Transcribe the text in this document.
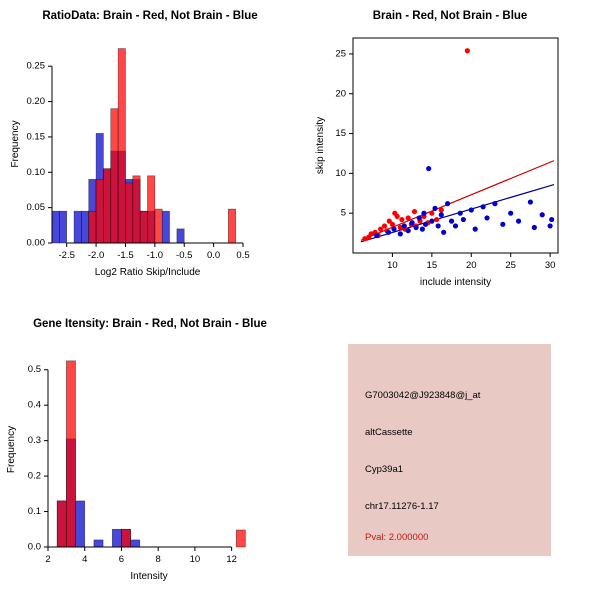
RatioData: Brain - Red, Not Brain - Blue
-2.5 -2.0 -1.5 -1.0 -0.5 0.0 0.5
0.00
0.05
0.10
0.15
0.20
0.25
Log2 Ratio Skip/Include
Frequency
Brain - Red, Not Brain - Blue
10	15	20	25	30
5
10
15
20
25
include intensity
skip intensity
Gene Itensity: Brain - Red, Not Brain - Blue
2	4	6	8	10	12
0.0
0.1
0.2
0.3
0.4
0.5
Intensity
Frequency
G7003042@J923848@j_at
altCassette
Cyp39a1
chr17.11276-1.17
Pval: 2.000000
